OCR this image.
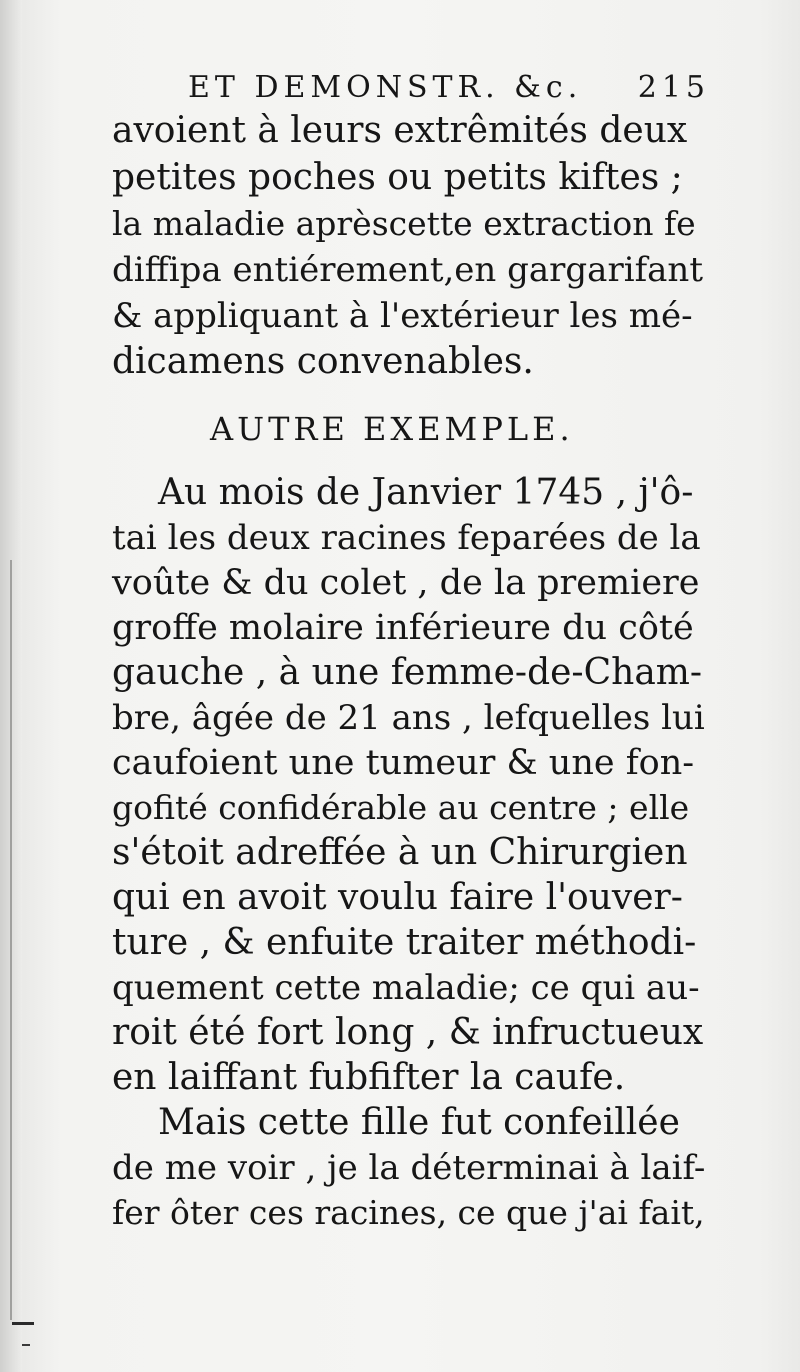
ET DEMONSTR. &c. 215
avoient à leurs extrêmités deux
petites poches ou petits kiftes ;
la maladie aprèscette extraction fe
diffipa entiérement,en gargarifant
& appliquant à l'extérieur les mé-
dicamens convenables.
AUTRE EXEMPLE.
Au mois de Janvier 1745 , j'ô-
tai les deux racines feparées de la
voûte & du colet , de la premiere
groffe molaire inférieure du côté
gauche , à une femme-de-Cham-
bre, âgée de 21 ans , lefquelles lui
caufoient une tumeur & une fon-
gofité confidérable au centre ; elle
s'étoit adreffée à un Chirurgien
qui en avoit voulu faire l'ouver-
ture , & enfuite traiter méthodi-
quement cette maladie; ce qui au-
roit été fort long , & infructueux
en laiffant fubfifter la caufe.
Mais cette fille fut confeillée
de me voir , je la déterminai à laif-
fer ôter ces racines, ce que j'ai fait,
